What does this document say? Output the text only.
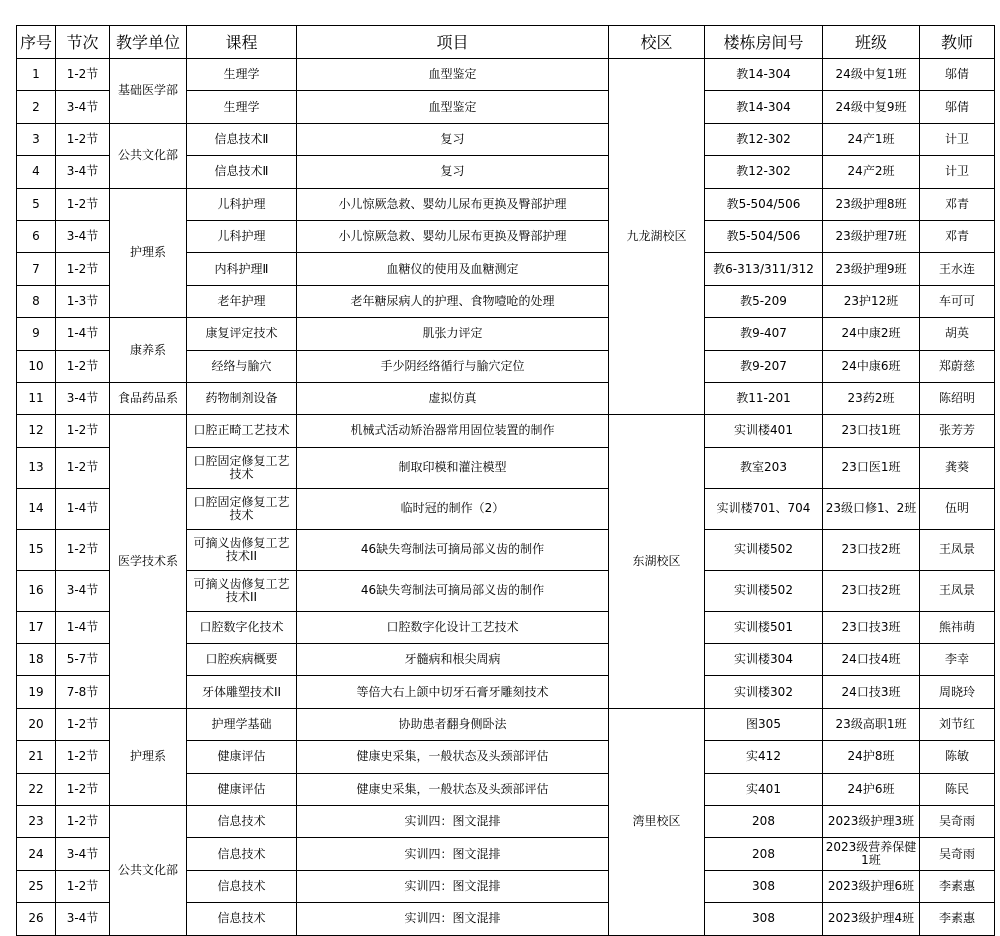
序号	节次	教学单位	课程	项目	校区	楼栋房间号	班级	教师
1	1-2节	基础医学部	生理学	血型鉴定	九龙湖校区	教14-304	24级中复1班	邬倩
2	3-4节		生理学	血型鉴定		教14-304	24级中复9班	邬倩
3	1-2节	公共文化部	信息技术Ⅱ	复习		教12-302	24产1班	计卫
4	3-4节		信息技术Ⅱ	复习		教12-302	24产2班	计卫
5	1-2节	护理系	儿科护理	小儿惊厥急救、婴幼儿尿布更换及臀部护理		教5-504/506	23级护理8班	邓青
6	3-4节		儿科护理	小儿惊厥急救、婴幼儿尿布更换及臀部护理		教5-504/506	23级护理7班	邓青
7	1-2节		内科护理Ⅱ	血糖仪的使用及血糖测定		教6-313/311/312	23级护理9班	王水连
8	1-3节		老年护理	老年糖尿病人的护理、食物噎呛的处理		教5-209	23护12班	车可可
9	1-4节	康养系	康复评定技术	肌张力评定		教9-407	24中康2班	胡英
10	1-2节		经络与腧穴	手少阴经络循行与腧穴定位		教9-207	24中康6班	郑蔚慈
11	3-4节	食品药品系	药物制剂设备	虚拟仿真		教11-201	23药2班	陈绍明
12	1-2节	医学技术系	口腔正畸工艺技术	机械式活动矫治器常用固位装置的制作	东湖校区	实训楼401	23口技1班	张芳芳
13	1-2节		口腔固定修复工艺技术	制取印模和灌注模型		教室203	23口医1班	龚葵
14	1-4节		口腔固定修复工艺技术	临时冠的制作（2）		实训楼701、704	23级口修1、2班	伍明
15	1-2节		可摘义齿修复工艺技术II	46缺失弯制法可摘局部义齿的制作		实训楼502	23口技2班	王凤景
16	3-4节		可摘义齿修复工艺技术II	46缺失弯制法可摘局部义齿的制作		实训楼502	23口技2班	王凤景
17	1-4节		口腔数字化技术	口腔数字化设计工艺技术		实训楼501	23口技3班	熊祎萌
18	5-7节		口腔疾病概要	牙髓病和根尖周病		实训楼304	24口技4班	李幸
19	7-8节		牙体雕塑技术II	等倍大右上颌中切牙石膏牙雕刻技术		实训楼302	24口技3班	周晓玲
20	1-2节	护理系	护理学基础	协助患者翻身侧卧法	湾里校区	图305	23级高职1班	刘节红
21	1-2节		健康评估	健康史采集，一般状态及头颈部评估		实412	24护8班	陈敏
22	1-2节		健康评估	健康史采集，一般状态及头颈部评估		实401	24护6班	陈民
23	1-2节	公共文化部	信息技术	实训四：图文混排		208	2023级护理3班	吴奇雨
24	3-4节		信息技术	实训四：图文混排		208	2023级营养保健1班	吴奇雨
25	1-2节		信息技术	实训四：图文混排		308	2023级护理6班	李素惠
26	3-4节		信息技术	实训四：图文混排		308	2023级护理4班	李素惠
